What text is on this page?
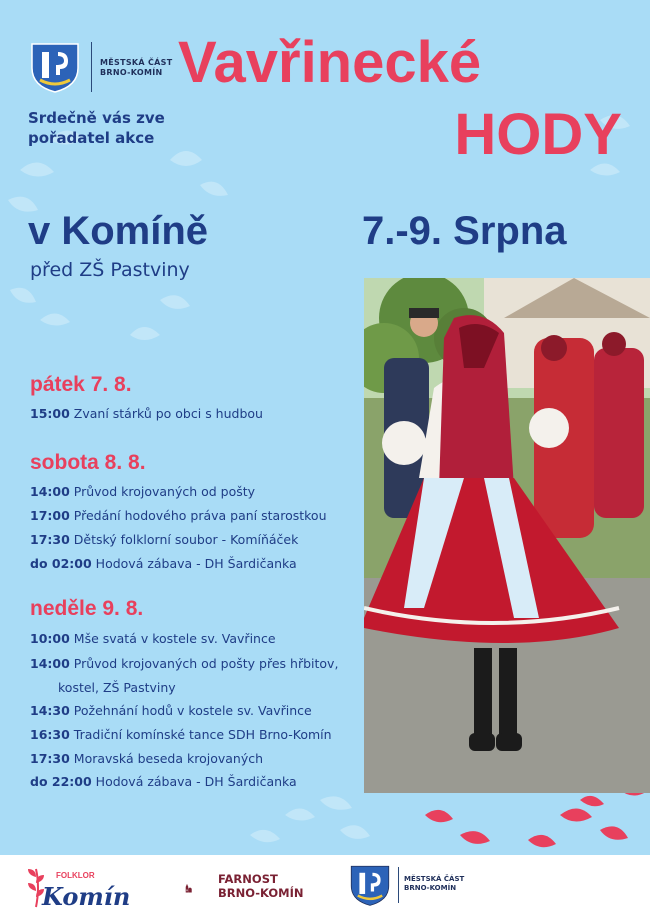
MĚSTSKÁ ČÁST
BRNO-KOMÍN
Srdečně vás zve
pořadatel akce
Vavřinecké
HODY
v Komíně
před ZŠ Pastviny
7.-9. Srpna
pátek 7. 8.
15:00 Zvaní stárků po obci s hudbou
sobota 8. 8.
14:00 Průvod krojovaných od pošty
17:00 Předání hodového práva paní starostkou
17:30 Dětský folklorní soubor - Komíňáček
do 02:00 Hodová zábava - DH Šardičanka
neděle 9. 8.
10:00 Mše svatá v kostele sv. Vavřince
14:00 Průvod krojovaných od pošty přes hřbitov,
kostel, ZŠ Pastviny
14:30 Požehnání hodů v kostele sv. Vavřince
16:30 Tradiční komínské tance SDH Brno-Komín
17:30 Moravská beseda krojovaných
do 22:00 Hodová zábava - DH Šardičanka
FOLKLOR
Komín
FARNOST
BRNO-KOMÍN
MĚSTSKÁ ČÁST
BRNO-KOMÍN
